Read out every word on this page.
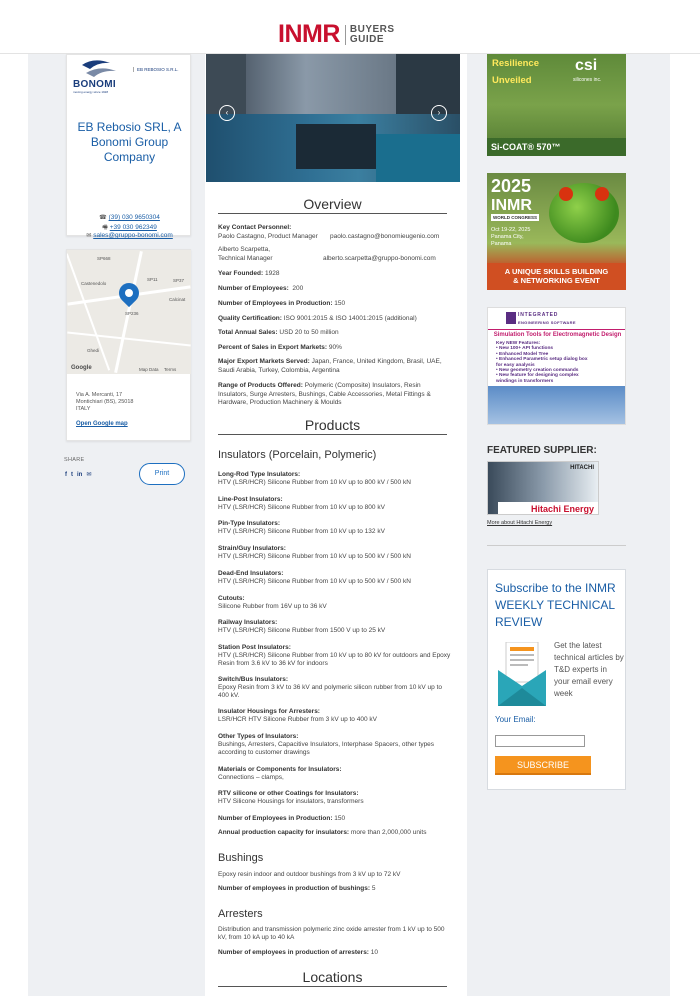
INMR	BUYERS
GUIDE
BONOMI
moving energy since 1928
EB REBOSIO S.R.L.
EB Rebosio SRL, A Bonomi Group Company
☎ (39) 030 9650304
🖷 +39 030 962349
✉ sales@gruppo-bonomi.com
Castenedolo
Calcinat
Ghedi
SP11	SP37
SP668
SP236
Google	Map Data Terms
Via A. Mercanti, 17
Montichiari (BS), 25018
ITALY
Open Google map
SHARE
f t in ✉	Print
‹	›
Overview
Key Contact Personnel:
Paolo Castagno, Product Manager paolo.castagno@bonomieugenio.com
Alberto Scarpetta,
Technical Manager	alberto.scarpetta@gruppo-bonomi.com
Year Founded: 1928
Number of Employees: 200
Number of Employees in Production: 150
Quality Certification: ISO 9001:2015 & ISO 14001:2015 (additional)
Total Annual Sales: USD 20 to 50 million
Percent of Sales in Export Markets: 90%
Major Export Markets Served: Japan, France, United Kingdom, Brasil, UAE, Saudi Arabia, Turkey, Colombia, Argentina
Range of Products Offered: Polymeric (Composite) Insulators, Resin Insulators, Surge Arresters, Bushings, Cable Accessories, Metal Fittings & Hardware, Production Machinery & Moulds
Products
Insulators (Porcelain, Polymeric)
Long-Rod Type Insulators:
HTV (LSR/HCR) Silicone Rubber from 10 kV up to 800 kV / 500 kN
Line-Post Insulators:
HTV (LSR/HCR) Silicone Rubber from 10 kV up to 800 kV
Pin-Type Insulators:
HTV (LSR/HCR) Silicone Rubber from 10 kV up to 132 kV
Strain/Guy Insulators:
HTV (LSR/HCR) Silicone Rubber from 10 kV up to 500 kV / 500 kN
Dead-End Insulators:
HTV (LSR/HCR) Silicone Rubber from 10 kV up to 500 kV / 500 kN
Cutouts:
Silicone Rubber from 16V up to 36 kV
Railway Insulators:
HTV (LSR/HCR) Silicone Rubber from 1500 V up to 25 kV
Station Post Insulators:
HTV (LSR/HCR) Silicone Rubber from 10 kV up to 80 kV for outdoors and Epoxy Resin from 3.6 kV to 36 kV for indoors
Switch/Bus Insulators:
Epoxy Resin from 3 kV to 36 kV and polymeric silicon rubber from 10 kV up to 400 kV.
Insulator Housings for Arresters:
LSR/HCR HTV Silicone Rubber from 3 kV up to 400 kV
Other Types of Insulators:
Bushings, Arresters, Capacitive Insulators, Interphase Spacers, other types according to customer drawings
Materials or Components for Insulators:
Connections – clamps,
RTV silicone or other Coatings for Insulators:
HTV Silicone Housings for insulators, transformers
Number of Employees in Production: 150
Annual production capacity for insulators: more than 2,000,000 units
Bushings
Epoxy resin indoor and outdoor bushings from 3 kV up to 72 kV
Number of employees in production of bushings: 5
Arresters
Distribution and transmission polymeric zinc oxide arrester from 1 kV up to 500 kV, from 10 kA up to 40 kA
Number of employees in production of arresters: 10
Locations
Resilience
Unveiled
csi
silicones inc.
Si-COAT® 570™
2025
INMR
WORLD CONGRESS
Oct 19-22, 2025
Panama City,
Panama
A UNIQUE SKILLS BUILDING
& NETWORKING EVENT
INTEGRATED
ENGINEERING SOFTWARE
Simulation Tools for Electromagnetic Design
Key NEW Features:
• New 100+ API functions
• Enhanced Model Tree
• Enhanced Parametric setup dialog box
for easy analysis
• New geometry creation commands
• New feature for designing complex
windings in transformers
FEATURED SUPPLIER:
HITACHI
Hitachi Energy
More about Hitachi Energy
Subscribe to the INMR WEEKLY TECHNICAL REVIEW
Get the latest technical articles by T&D experts in your email every week
Your Email:
SUBSCRIBE
